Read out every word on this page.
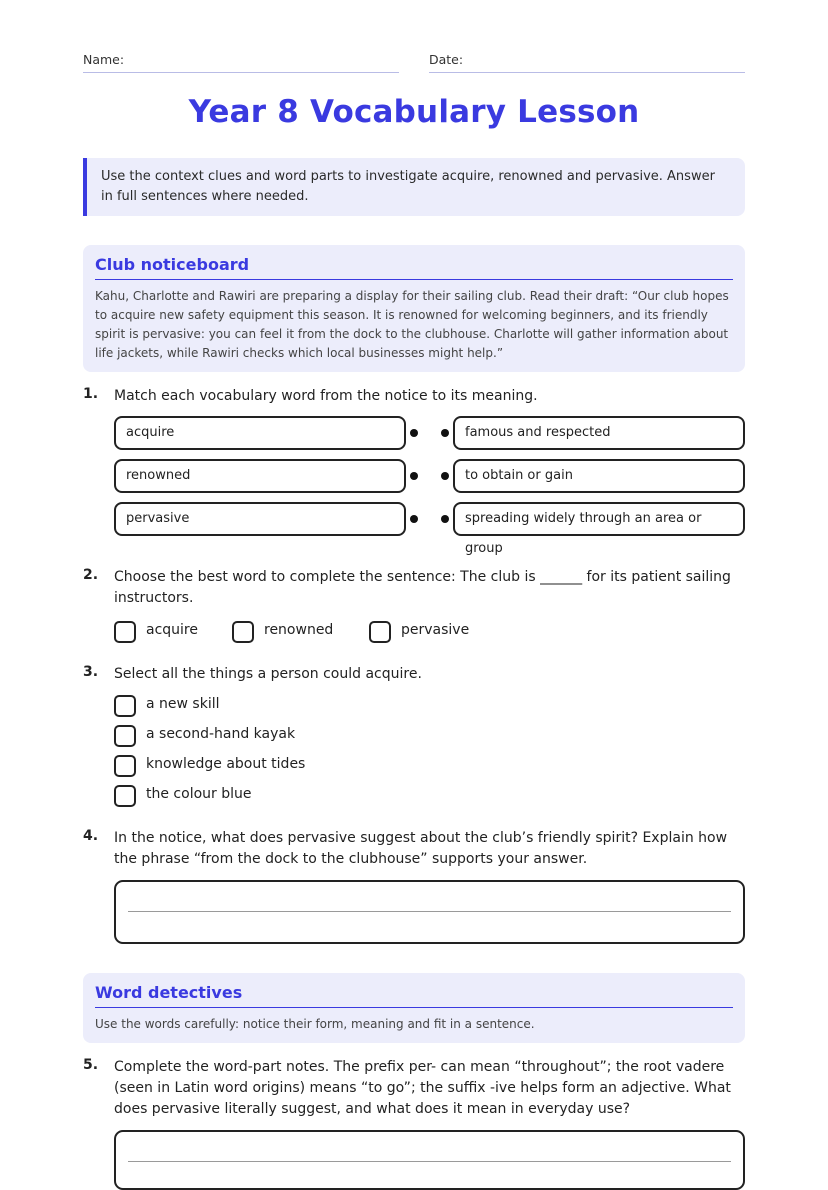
Name:	Date:
Year 8 Vocabulary Lesson
Use the context clues and word parts to investigate acquire, renowned and pervasive. Answer in full sentences where needed.
Club noticeboard
Kahu, Charlotte and Rawiri are preparing a display for their sailing club. Read their draft: “Our club hopes to acquire new safety equipment this season. It is renowned for welcoming beginners, and its friendly spirit is pervasive: you can feel it from the dock to the clubhouse. Charlotte will gather information about life jackets, while Rawiri checks which local businesses might help.”
1. Match each vocabulary word from the notice to its meaning.
acquire
renowned
pervasive
famous and respected
to obtain or gain
spreading widely through an area or group
2. Choose the best word to complete the sentence: The club is ______ for its patient sailing instructors.
acquire	renowned	pervasive
3. Select all the things a person could acquire.
a new skill
a second-hand kayak
knowledge about tides
the colour blue
4. In the notice, what does pervasive suggest about the club’s friendly spirit? Explain how the phrase “from the dock to the clubhouse” supports your answer.
Word detectives
Use the words carefully: notice their form, meaning and fit in a sentence.
5. Complete the word-part notes. The prefix per- can mean “throughout”; the root vadere (seen in Latin word origins) means “to go”; the suffix -ive helps form an adjective. What does pervasive literally suggest, and what does it mean in everyday use?
